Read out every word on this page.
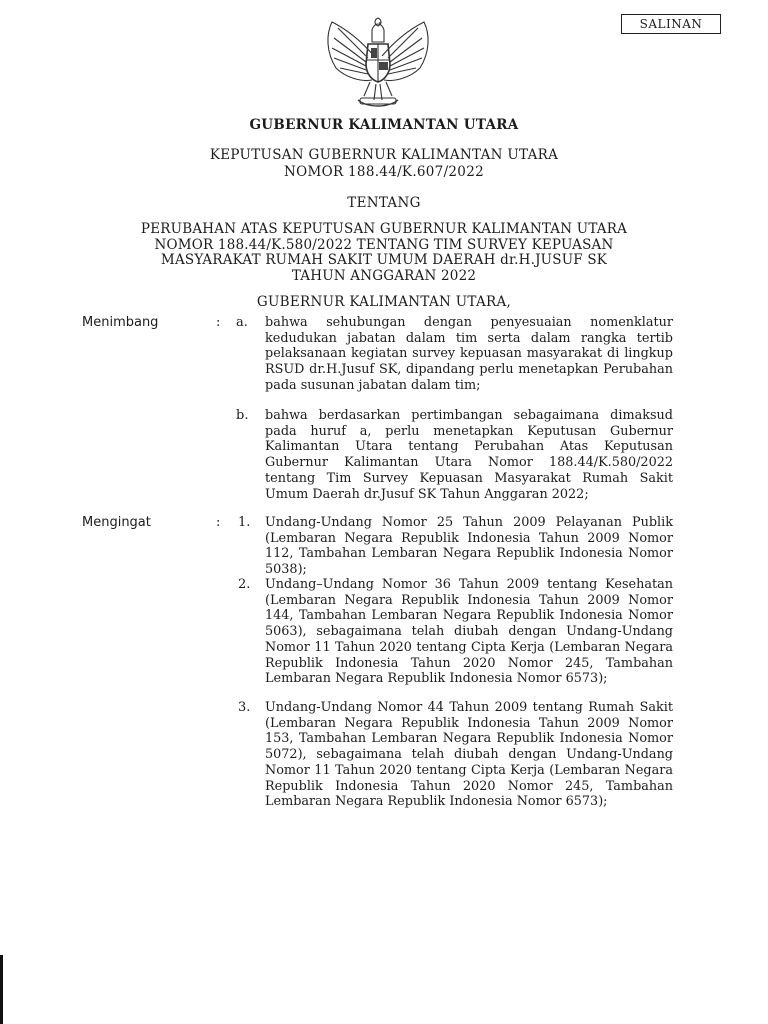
SALINAN
GUBERNUR KALIMANTAN UTARA
KEPUTUSAN GUBERNUR KALIMANTAN UTARA
NOMOR 188.44/K.607/2022
TENTANG
PERUBAHAN ATAS KEPUTUSAN GUBERNUR KALIMANTAN UTARA
NOMOR 188.44/K.580/2022 TENTANG TIM SURVEY KEPUASAN
MASYARAKAT RUMAH SAKIT UMUM DAERAH dr.H.JUSUF SK
TAHUN ANGGARAN 2022
GUBERNUR KALIMANTAN UTARA,
Menimbang	: a. bahwa sehubungan dengan penyesuaian nomenklatur kedudukan jabatan dalam tim serta dalam rangka tertib pelaksanaan kegiatan survey kepuasan masyarakat di lingkup RSUD dr.H.Jusuf SK, dipandang perlu menetapkan Perubahan pada susunan jabatan dalam tim;
b. bahwa berdasarkan pertimbangan sebagaimana dimaksud pada huruf a, perlu menetapkan Keputusan Gubernur Kalimantan Utara tentang Perubahan Atas Keputusan Gubernur Kalimantan Utara Nomor 188.44/K.580/2022 tentang Tim Survey Kepuasan Masyarakat Rumah Sakit Umum Daerah dr.Jusuf SK Tahun Anggaran 2022;
Mengingat	: 1. Undang-Undang Nomor 25 Tahun 2009 Pelayanan Publik (Lembaran Negara Republik Indonesia Tahun 2009 Nomor 112, Tambahan Lembaran Negara Republik Indonesia Nomor 5038);
2. Undang–Undang Nomor 36 Tahun 2009 tentang Kesehatan (Lembaran Negara Republik Indonesia Tahun 2009 Nomor 144, Tambahan Lembaran Negara Republik Indonesia Nomor 5063), sebagaimana telah diubah dengan Undang-Undang Nomor 11 Tahun 2020 tentang Cipta Kerja (Lembaran Negara Republik Indonesia Tahun 2020 Nomor 245, Tambahan Lembaran Negara Republik Indonesia Nomor 6573);
3. Undang-Undang Nomor 44 Tahun 2009 tentang Rumah Sakit (Lembaran Negara Republik Indonesia Tahun 2009 Nomor 153, Tambahan Lembaran Negara Republik Indonesia Nomor 5072), sebagaimana telah diubah dengan Undang-Undang Nomor 11 Tahun 2020 tentang Cipta Kerja (Lembaran Negara Republik Indonesia Tahun 2020 Nomor 245, Tambahan Lembaran Negara Republik Indonesia Nomor 6573);
